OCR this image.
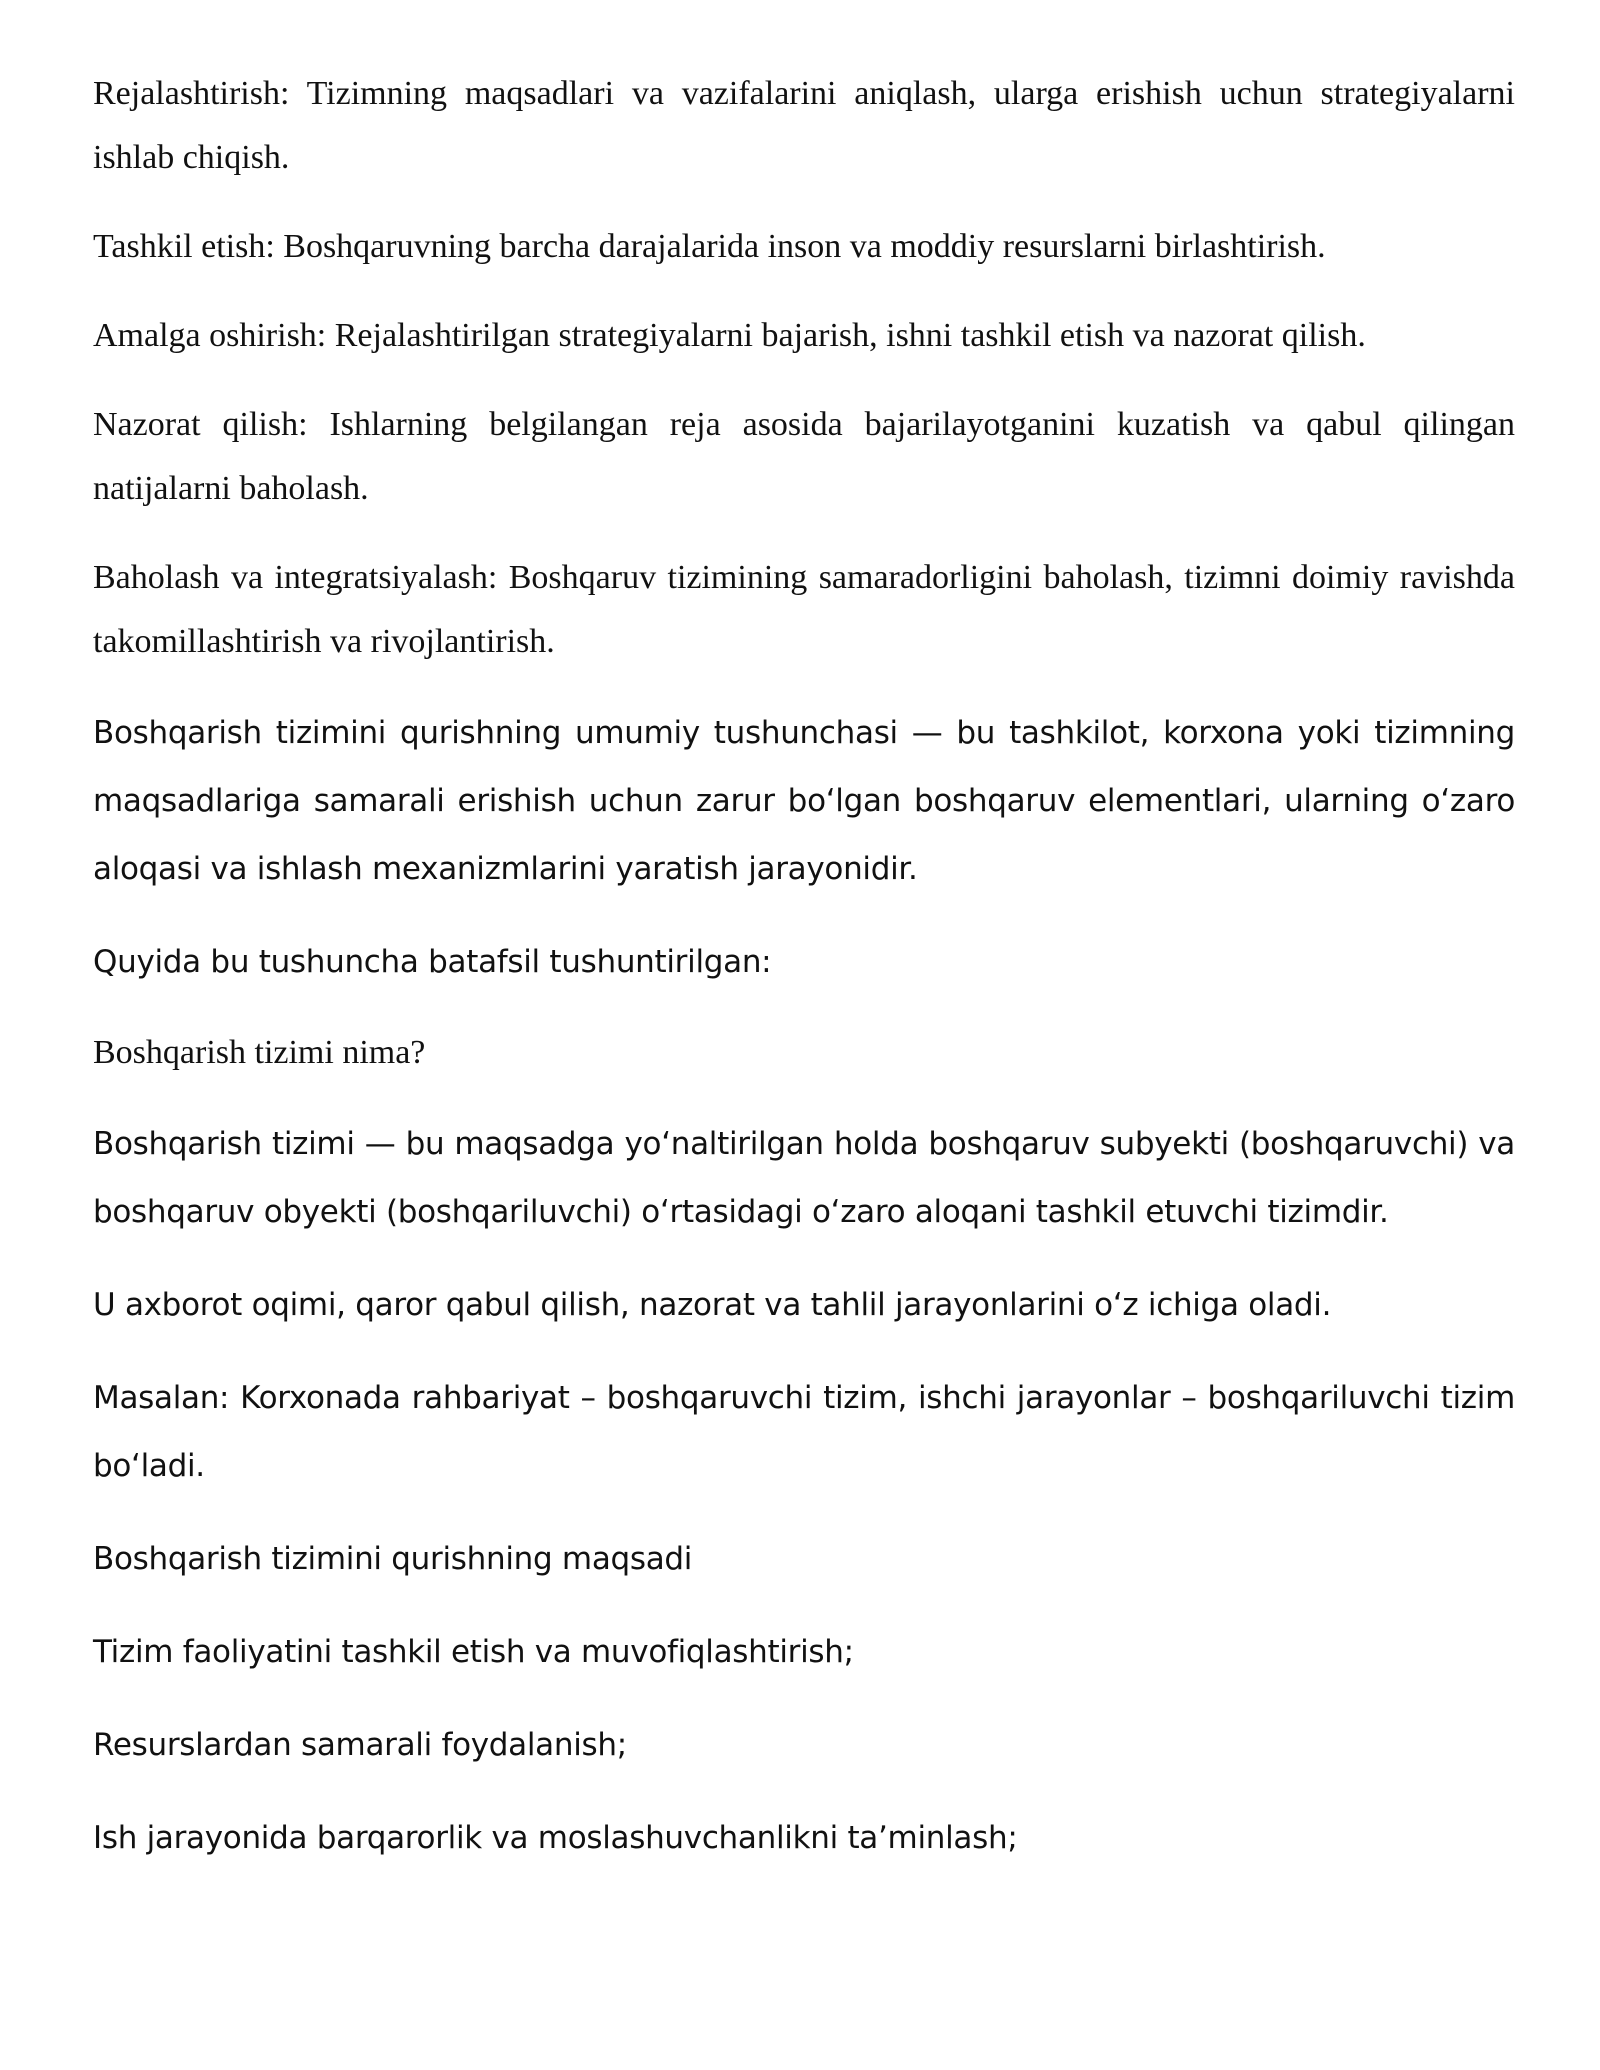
Rejalashtirish: Tizimning maqsadlari va vazifalarini aniqlash, ularga erishish uchun strategiyalarni ishlab chiqish.

Tashkil etish: Boshqaruvning barcha darajalarida inson va moddiy resurslarni birlashtirish.

Amalga oshirish: Rejalashtirilgan strategiyalarni bajarish, ishni tashkil etish va nazorat qilish.

Nazorat qilish: Ishlarning belgilangan reja asosida bajarilayotganini kuzatish va qabul qilingan natijalarni baholash.

Baholash va integratsiyalash: Boshqaruv tizimining samaradorligini baholash, tizimni doimiy ravishda takomillashtirish va rivojlantirish.

Boshqarish tizimini qurishning umumiy tushunchasi — bu tashkilot, korxona yoki tizimning maqsadlariga samarali erishish uchun zarur boʻlgan boshqaruv elementlari, ularning oʻzaro aloqasi va ishlash mexanizmlarini yaratish jarayonidir.

Quyida bu tushuncha batafsil tushuntirilgan:

Boshqarish tizimi nima?

Boshqarish tizimi — bu maqsadga yoʻnaltirilgan holda boshqaruv subyekti (boshqaruvchi) va boshqaruv obyekti (boshqariluvchi) oʻrtasidagi oʻzaro aloqani tashkil etuvchi tizimdir.

U axborot oqimi, qaror qabul qilish, nazorat va tahlil jarayonlarini oʻz ichiga oladi.

Masalan: Korxonada rahbariyat – boshqaruvchi tizim, ishchi jarayonlar – boshqariluvchi tizim boʻladi.

Boshqarish tizimini qurishning maqsadi

Tizim faoliyatini tashkil etish va muvofiqlashtirish;

Resurslardan samarali foydalanish;

Ish jarayonida barqarorlik va moslashuvchanlikni ta’minlash;
